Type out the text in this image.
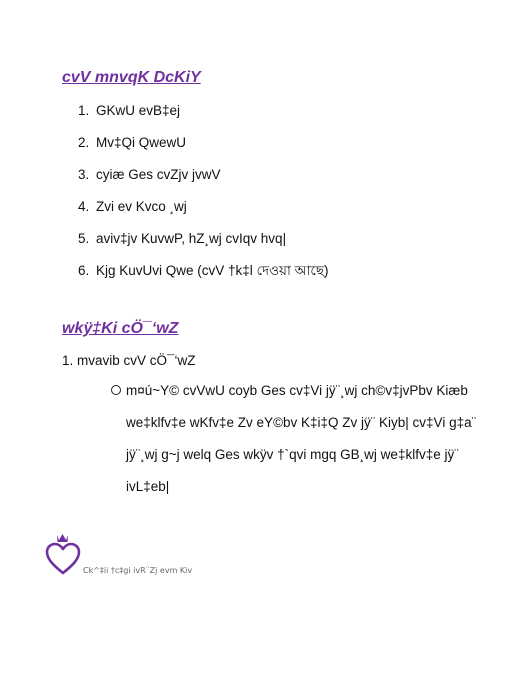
cvV mnvqK DcKiY
1. GKwU evB‡ej
2. Mv‡Qi QwewU
3. cyiæ Ges cvZjv jvwV
4. Zvi ev Kvco ¸wj
5. aviv‡jv KuvwP, hZ¸wj cvIqv hvq|
6. Kjg KuvUvi Qwe (cvV †k‡l দেওয়া আছে)
wkÿ‡Ki cÖ¯‘wZ
1. mvavib cvV cÖ¯‘wZ
m¤ú~Y© cvVwU coyb Ges cv‡Vi jÿ¨¸wj ch©v‡jvPbv Kiæb
we‡klfv‡e wKfv‡e Zv eY©bv K‡i‡Q Zv jÿ¨ Kiyb| cv‡Vi g‡a¨
jÿ¨¸wj g~j welq Ges wkÿv †`qvi mgq GB¸wj we‡klfv‡e jÿ¨
ivL‡eb|
Ck^‡ii †c‡gi ivR¨Zj evm Kiv
